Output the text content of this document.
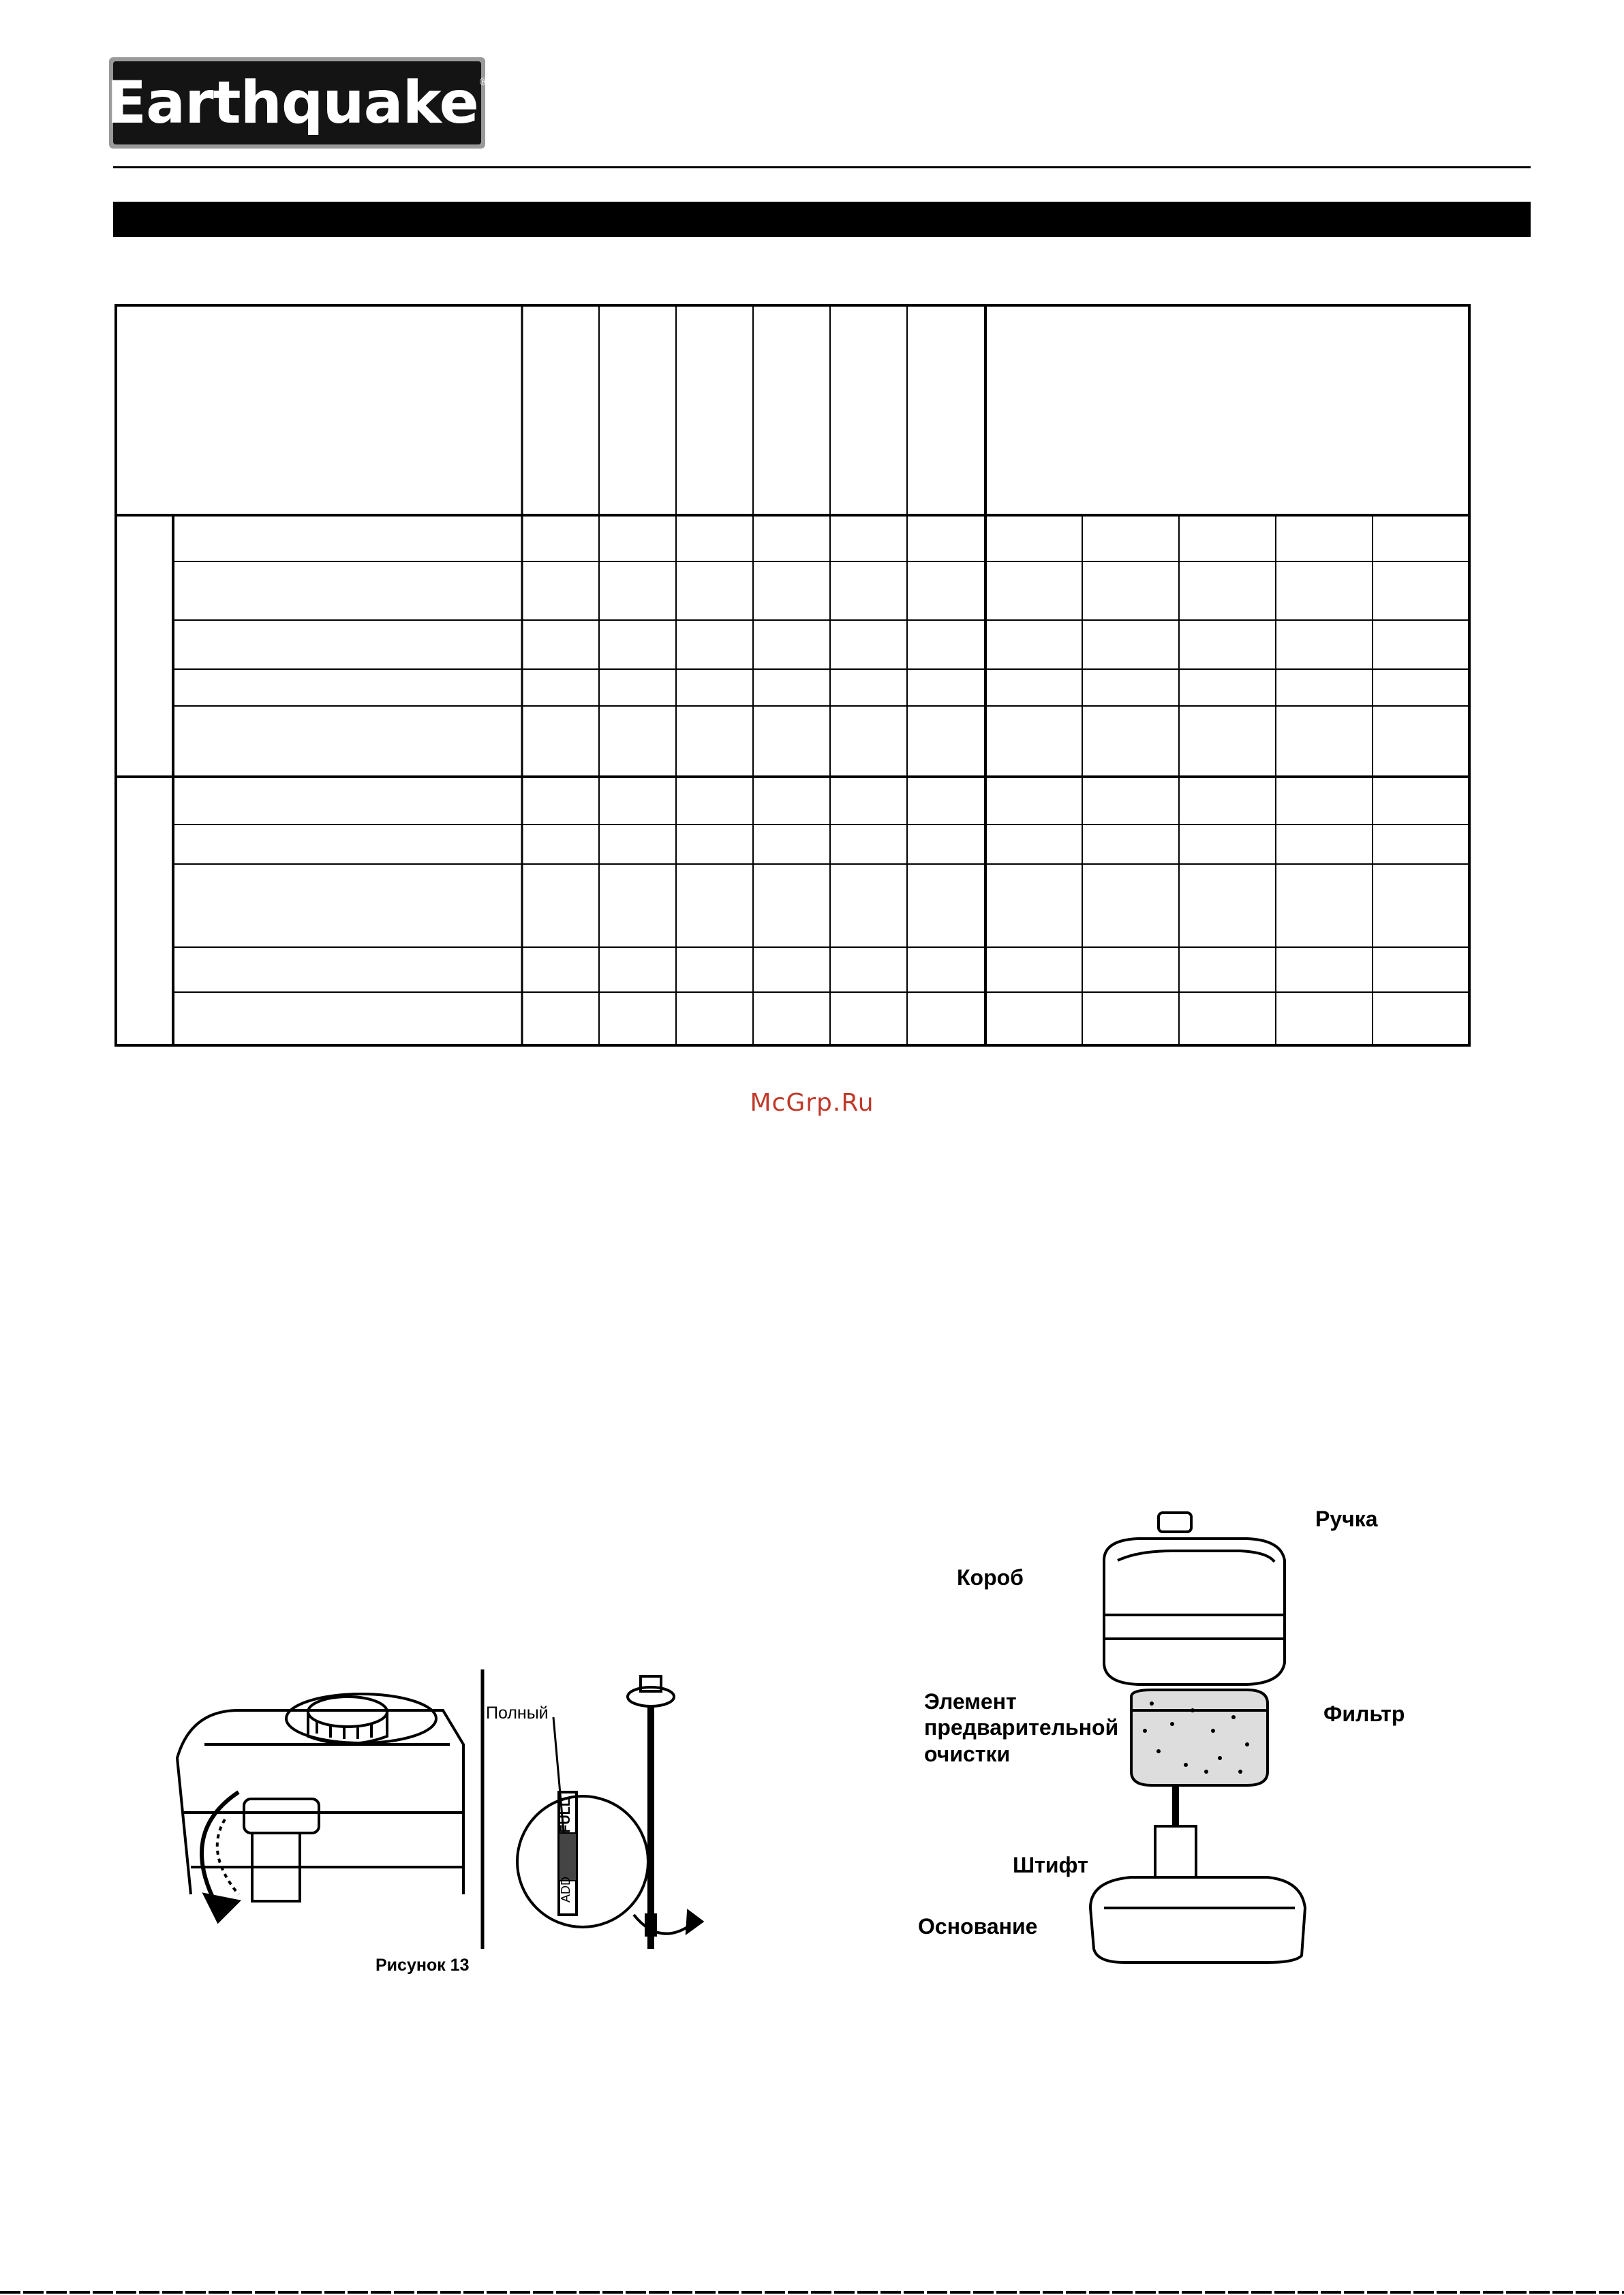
Earthquake ®
McGrp.Ru
FULL
ADD
Полный
Рисунок 13
Ручка
Короб
Элемент
предварительной
очистки
Фильтр
Штифт
Основание
